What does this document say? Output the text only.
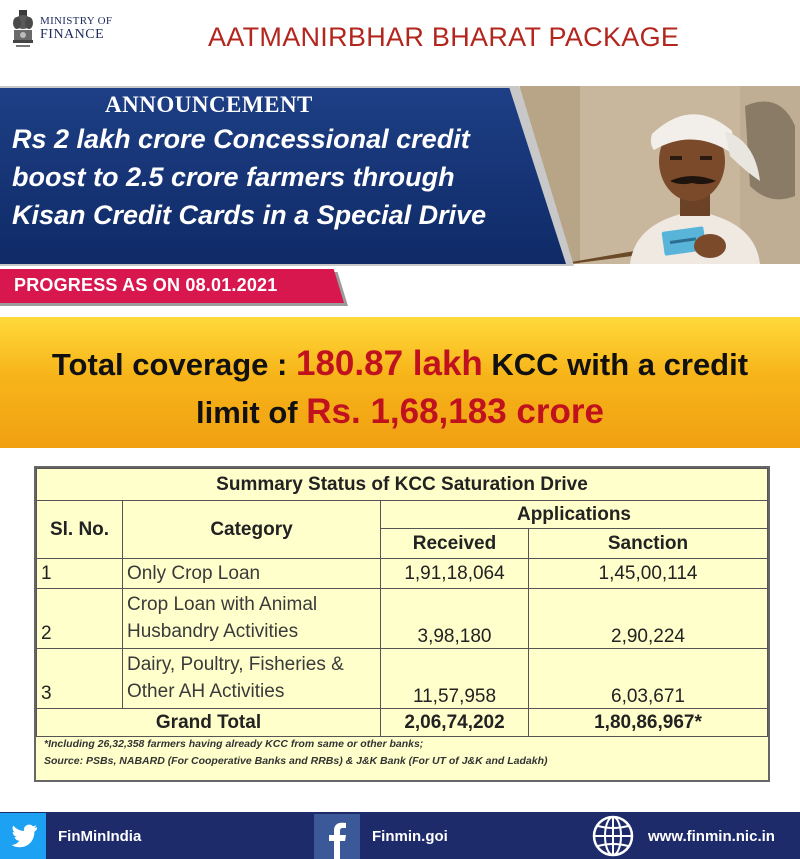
MINISTRY OF
FINANCE	AATMANIRBHAR BHARAT PACKAGE
ANNOUNCEMENT
Rs 2 lakh crore Concessional credit
boost to 2.5 crore farmers through
Kisan Credit Cards in a Special Drive
PROGRESS AS ON 08.01.2021
Total coverage : 180.87 lakh KCC with a credit
limit of Rs. 1,68,183 crore
Summary Status of KCC Saturation Drive			
Sl. No.	Category	Applications	
		Received	Sanction
1	Only Crop Loan	1,91,18,064	1,45,00,114
2	Crop Loan with Animal
Husbandry Activities	3,98,180	2,90,224
3	Dairy, Poultry, Fisheries &
Other AH Activities	11,57,958	6,03,671
Grand Total		2,06,74,202	1,80,86,967*
*Including 26,32,358 farmers having already KCC from same or other banks;
Source: PSBs, NABARD (For Cooperative Banks and RRBs) & J&K Bank (For UT of J&K and Ladakh)
FinMinIndia	Finmin.goi	www.finmin.nic.in
